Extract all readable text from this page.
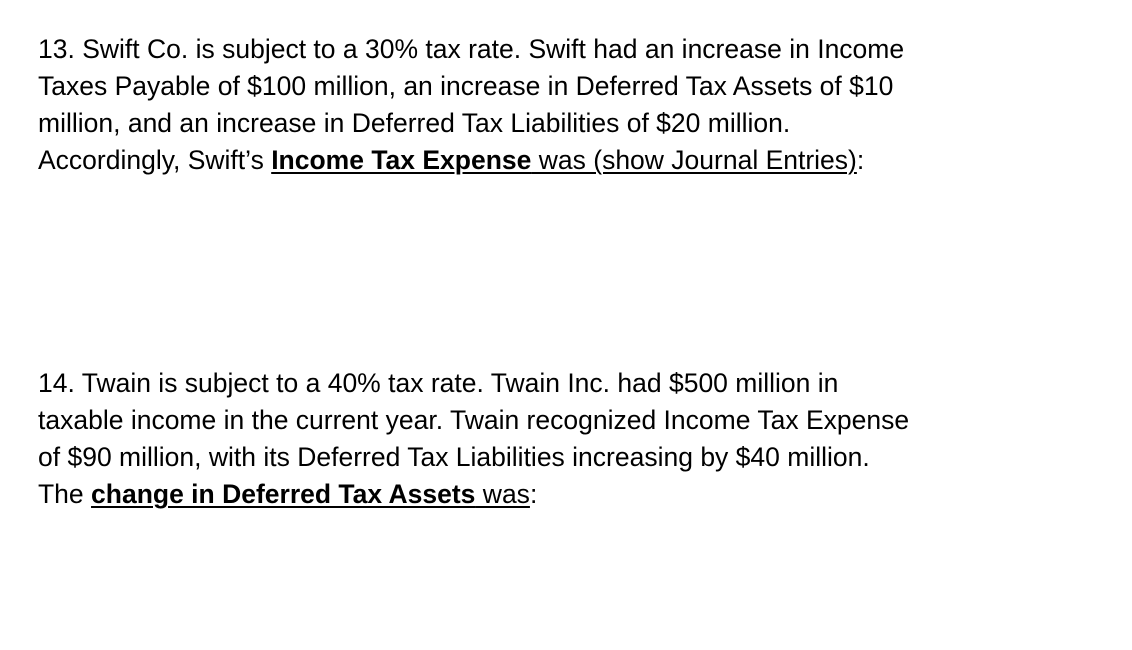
13. Swift Co. is subject to a 30% tax rate. Swift had an increase in Income
Taxes Payable of $100 million, an increase in Deferred Tax Assets of $10
million, and an increase in Deferred Tax Liabilities of $20 million.
Accordingly, Swift’s Income Tax Expense was (show Journal Entries):
14. Twain is subject to a 40% tax rate. Twain Inc. had $500 million in
taxable income in the current year. Twain recognized Income Tax Expense
of $90 million, with its Deferred Tax Liabilities increasing by $40 million.
The change in Deferred Tax Assets was:
